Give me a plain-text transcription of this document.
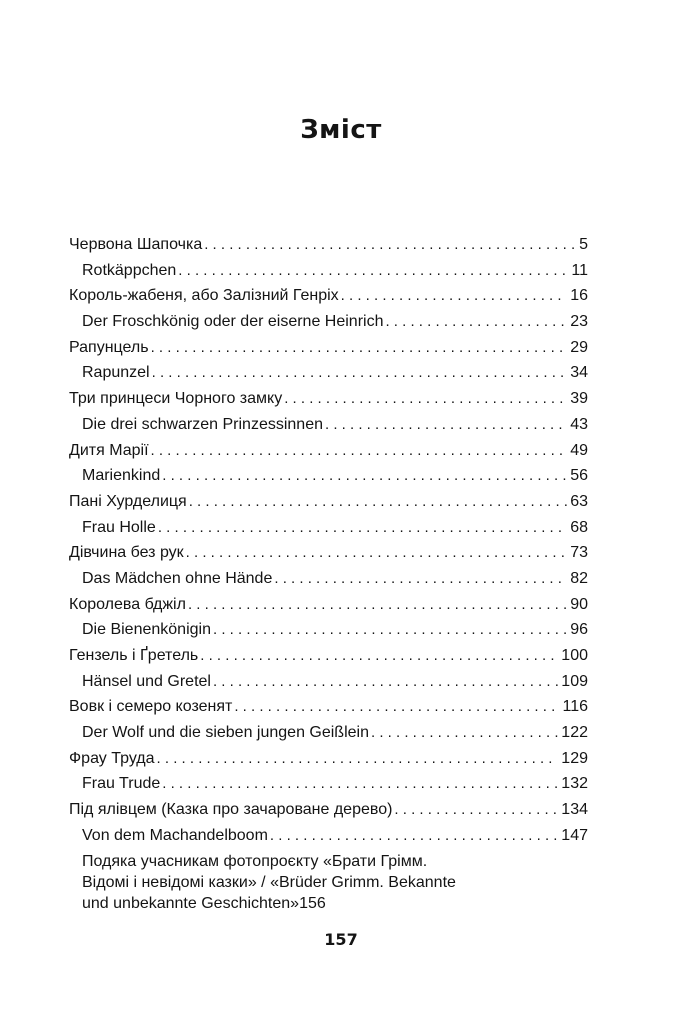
Зміст
Червона Шапочка . . .	5
Rotkäppchen . . .	11
Король-жабеня, або Залізний Генріх . . .	16
Der Froschkönig oder der eiserne Heinrich . . .	23
Рапунцель . . .	29
Rapunzel . . .	34
Три принцеси Чорного замку . . .	39
Die drei schwarzen Prinzessinnen . . .	43
Дитя Марії . . .	49
Marienkind . . .	56
Пані Хурделиця . . .	63
Frau Holle . . .	68
Дівчина без рук . . .	73
Das Mädchen ohne Hände . . .	82
Королева бджіл . . .	90
Die Bienenkönigin . . .	96
Гензель і Ґретель . . .	100
Hänsel und Gretel . . .	109
Вовк і семеро козенят . . .	116
Der Wolf und die sieben jungen Geißlein . . .	122
Фрау Труда . . .	129
Frau Trude . . .	132
Під ялівцем (Казка про зачароване дерево) . . .	134
Von dem Machandelboom . . .	147
Подяка учасникам фотопроєкту «Брати Грімм.
Відомі і невідомі казки» / «Brüder Grimm. Bekannte
und unbekannte Geschichten» 156
157
